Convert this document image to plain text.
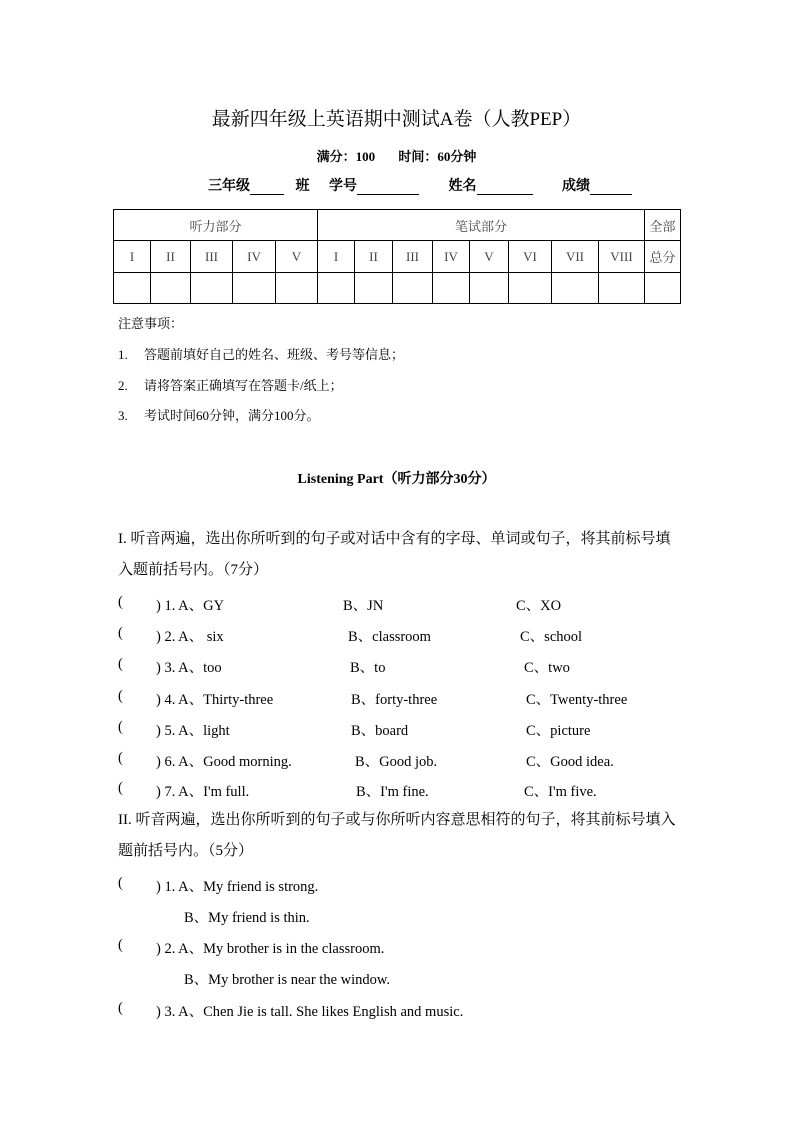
最新四年级上英语期中测试A卷（人教PEP）
满分：100 时间：60分钟
三年级	班 学号	姓名	成绩
听力部分					笔试部分								全部
I	II	III	IV	V	I	II	III	IV	V	VI	VII	VIII	总分

注意事项：
1. 答题前填好自己的姓名、班级、考号等信息；
2. 请将答案正确填写在答题卡/纸上；
3. 考试时间60分钟，满分100分。
Listening Part（听力部分30分）
I. 听音两遍，选出你所听到的句子或对话中含有的字母、单词或句子，将其前标号填入题前括号内。（7分）
( ) 1. A、GY	B、JN	C、XO
( ) 2. A、 six	B、classroom	C、school
( ) 3. A、too	B、to	C、two
( ) 4. A、Thirty-three	B、forty-three	C、Twenty-three
( ) 5. A、light	B、board	C、picture
( ) 6. A、Good morning.	B、Good job.	C、Good idea.
( ) 7. A、I'm full.	B、I'm fine.	C、I'm five.
II. 听音两遍，选出你所听到的句子或与你所听内容意思相符的句子，将其前标号填入题前括号内。（5分）
( ) 1. A、My friend is strong.
B、My friend is thin.
( ) 2. A、My brother is in the classroom.
B、My brother is near the window.
( ) 3. A、Chen Jie is tall. She likes English and music.
